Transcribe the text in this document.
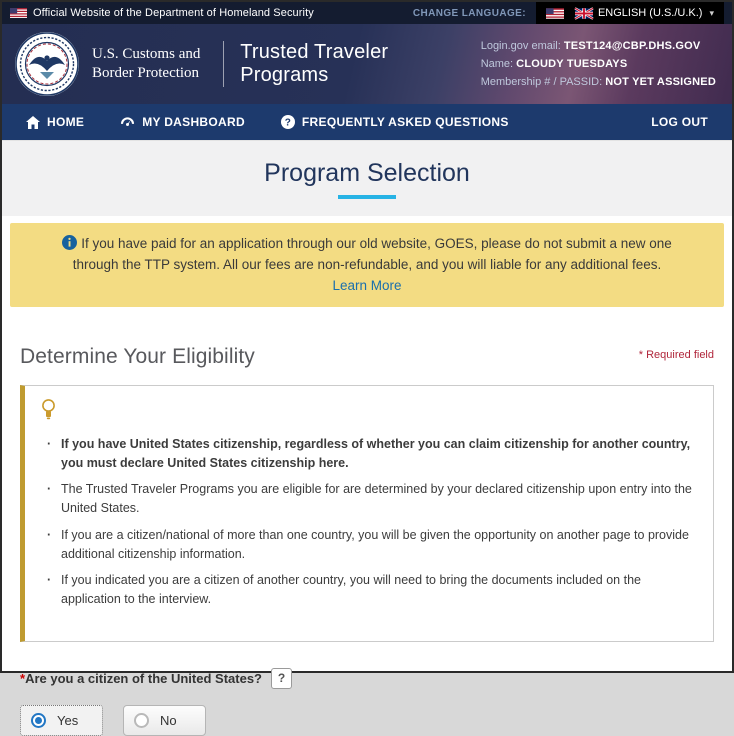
Official Website of the Department of Homeland Security	CHANGE LANGUAGE:	ENGLISH (U.S./U.K.) ▾
U.S. Customs and Border Protection
Trusted Traveler Programs
Login.gov email: TEST124@CBP.DHS.GOV
Name: CLOUDY TUESDAYS
Membership # / PASSID: NOT YET ASSIGNED
HOME	MY DASHBOARD	? FREQUENTLY ASKED QUESTIONS	LOG OUT
Program Selection
If you have paid for an application through our old website, GOES, please do not submit a new one through the TTP system. All our fees are non-refundable, and you will liable for any additional fees.
Learn More
Determine Your Eligibility	* Required field
· If you have United States citizenship, regardless of whether you can claim citizenship for another country, you must declare United States citizenship here.
· The Trusted Traveler Programs you are eligible for are determined by your declared citizenship upon entry into the United States.
· If you are a citizen/national of more than one country, you will be given the opportunity on another page to provide additional citizenship information.
· If you indicated you are a citizen of another country, you will need to bring the documents included on the application to the interview.
*Are you a citizen of the United States?	?
Yes	No
